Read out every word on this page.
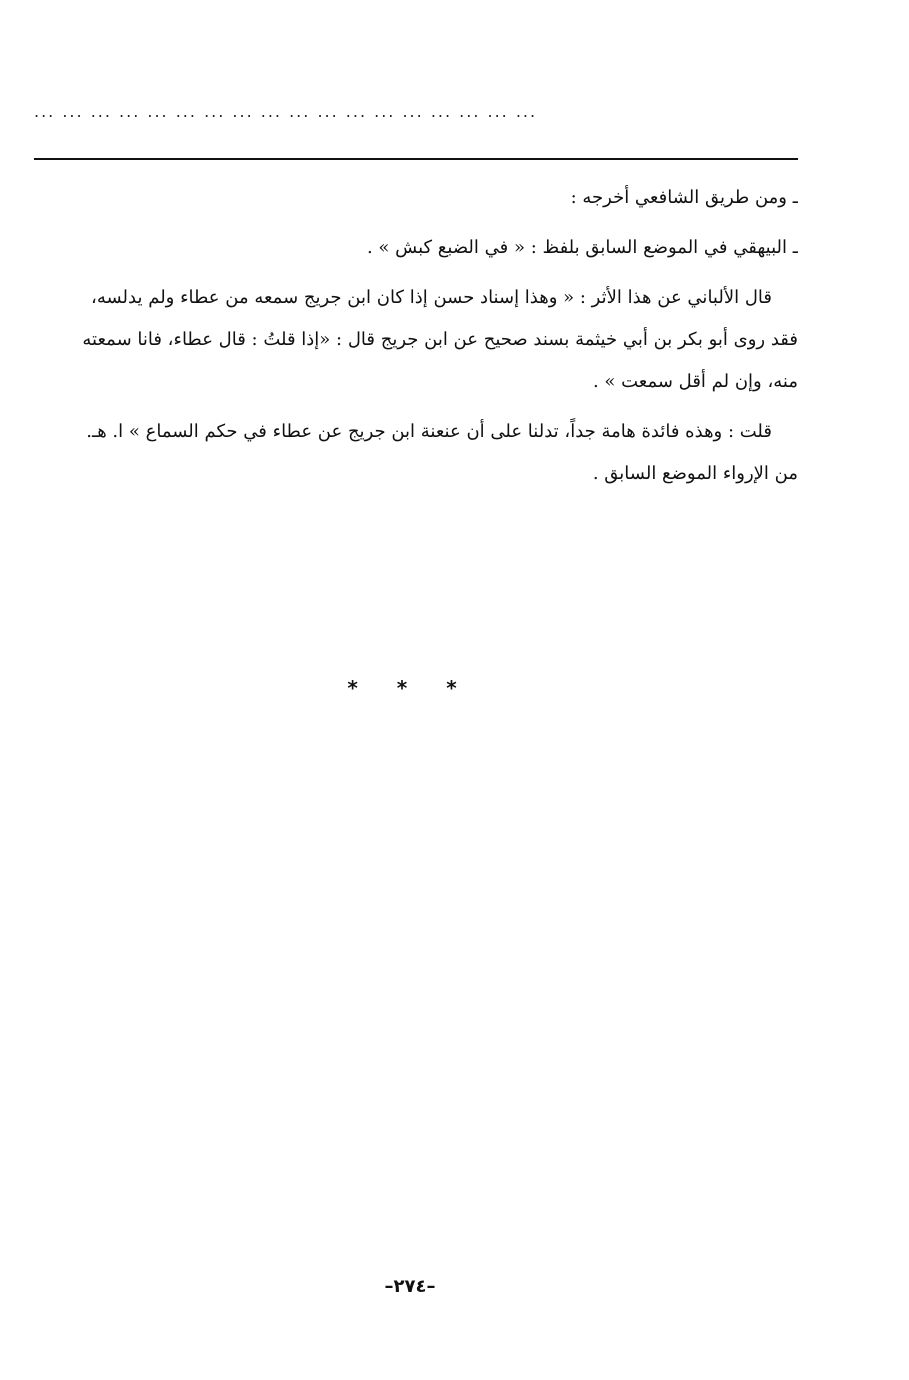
... ... ... ... ... ... ... ... ... ... ... ... ... ... ... ... ... ...
ـ ومن طريق الشافعي أخرجه :
ـ البيهقي في الموضع السابق بلفظ : « في الضبع كبش » .
قال الألباني عن هذا الأثر : « وهذا إسناد حسن إذا كان ابن جريج سمعه من عطاء ولم يدلسه،
فقد روى أبو بكر بن أبي خيثمة بسند صحيح عن ابن جريج قال : «إذا قلتُ : قال عطاء، فانا سمعته
منه، وإن لم أقل سمعت » .
قلت : وهذه فائدة هامة جداً، تدلنا على أن عنعنة ابن جريج عن عطاء في حكم السماع » ا. هـ.
من الإرواء الموضع السابق .
* * *
–٢٧٤–
